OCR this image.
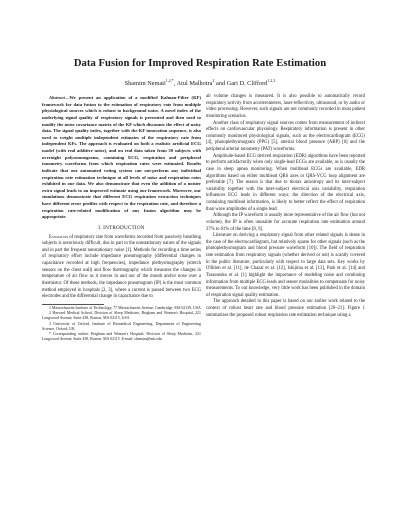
Data Fusion for Improved Respiration Rate Estimation
Shamim Nemati$^{1,2,*}$, Atul Malhotra$^2$ and Gari D. Clifford$^{1,2,3}$

Abstract—We present an application of a modified Kalman-Filter (KF) framework for data fusion to the estimation of respiratory rate from multiple physiological sources which is robust to background noise. A novel index of the underlying signal quality of respiratory signals is presented and then used to modify the noise covariance matrix of the KF which discounts the effect of noisy data. The signal quality index, together with the KF innovation sequence, is also used to weight multiple independent estimates of the respiratory rate from independent KFs. The approach is evaluated on both a realistic artificial ECG model (with real additive noise), and on real data taken from 30 subjects with overnight polysomnograms, containing ECG, respiration and peripheral tonometry waveforms from which respiration rates were estimated. Results indicate that our automated voting system can out-perform any individual respiration rate estimation technique at all levels of noise and respiration rates exhibited in our data. We also demonstrate that even the addition of a noisier extra signal leads to an improved estimate using our framework. Moreover, our simulations demonstrate that different ECG respiration extraction techniques have different error profiles with respect to the respiration rate, and therefore a respiration rate-related modification of any fusion algorithm may be appropriate.

I. INTRODUCTION

Estimation of respiratory rate from waveforms recorded from passively breathing subjects is notoriously difficult, due in part to the nonstationary nature of the signals and in part the frequent nonstationary noise [1]. Methods for recording a time series of respiratory effort include impedance pneumography (differential changes in capacitance recorded at high frequencies), impedance plethysmography (stretch sensors on the chest wall) and flow thermography which measures the changes in temperature of air flow as it moves in and out of the mouth and/or nose over a thermistor. Of these methods, the impedance pneumogram (IP) is the most common method employed in hospitals [2, 3], where a current is passed between two ECG electrodes and the differential change in capacitance due to

1 Massachusetts Institute of Technology, 77 Massachusetts Avenue, Cambridge, MA 02139, USA

2 Harvard Medical School, Division of Sleep Medicine, Brigham and Women's Hospital, 221 Longwood Avenue, Suite 438, Boston, MA 02115, USA

3 University of Oxford, Institute of Biomedical Engineering, Department of Engineering Science, Oxford, UK

* Corresponding author: Brigham and Women's Hospital, Division of Sleep Medicine, 221 Longwood Avenue, Suite 438, Boston, MA 02115. E-mail: shamim@mit.edu

air volume changes is measured. It is also possible to automatically record respiratory activity from accelerometers, laser-reflectivity, ultrasound, or by audio or video processing. However, such signals are not commonly recorded in most patient monitoring scenarios.

Another class of respiratory signal sources comes from measurement of indirect effects on cardiovascular physiology. Respiratory information is present in other commonly monitored physiological signals, such as the electrocardiogram (ECG) [4], photoplethysmogram (PPG) [5], arterial blood pressure (ABP) [6] and the peripheral arterial tonometry (PAT) waveforms.

Amplitude-based ECG derived respiration (EDR) algorithms have been reported to perform satisfactorily when only single-lead ECGs are available, as is usually the case in sleep apnea monitoring. When multilead ECGs are available, EDR algorithms based on either multilead QRS axes or QRS-VCG loop alignment are preferable [7]. The reason is that due to thorax anisotropy and its inter-subject variability together with the inter-subject electrical axis variability, respiration influences ECG leads in different ways; the direction of the electrical axis, containing multilead information, is likely to better reflect the effect of respiration than wave amplitudes of a single lead.

Although the IP waveform is usually more representative of the air flow (but not volume), the IP is often unusable for accurate respiration rate estimation around 37% to 61% of the time [8, 9].

Literature on deriving a respiratory signal from other related signals is dense in the case of the electrocardiogram, but relatively sparse for other signals (such as the photoplethysmogram and blood pressure waveform [10]). The field of respiration rate estimation from respiratory signals (whether derived or not) is scantly covered in the public literature, particularly with respect to large data sets. Key works by O'Brien et al. [11], de Chazal et al. [12], Ishijima et al. [13], Park et al. [14] and Tarassenko et al. [1] highlight the importance of modeling noise and combining information from multiple ECG leads and sensor modalities to compensate for noisy measurements. To our knowledge, very little work has been published in the domain of respiration signal quality estimation.

The approach detailed in this paper is based on our earlier work related to the context of robust heart rate and blood pressure estimation [20–21]. Figure 1 summarizes the proposed robust respiration rate estimation technique using a
